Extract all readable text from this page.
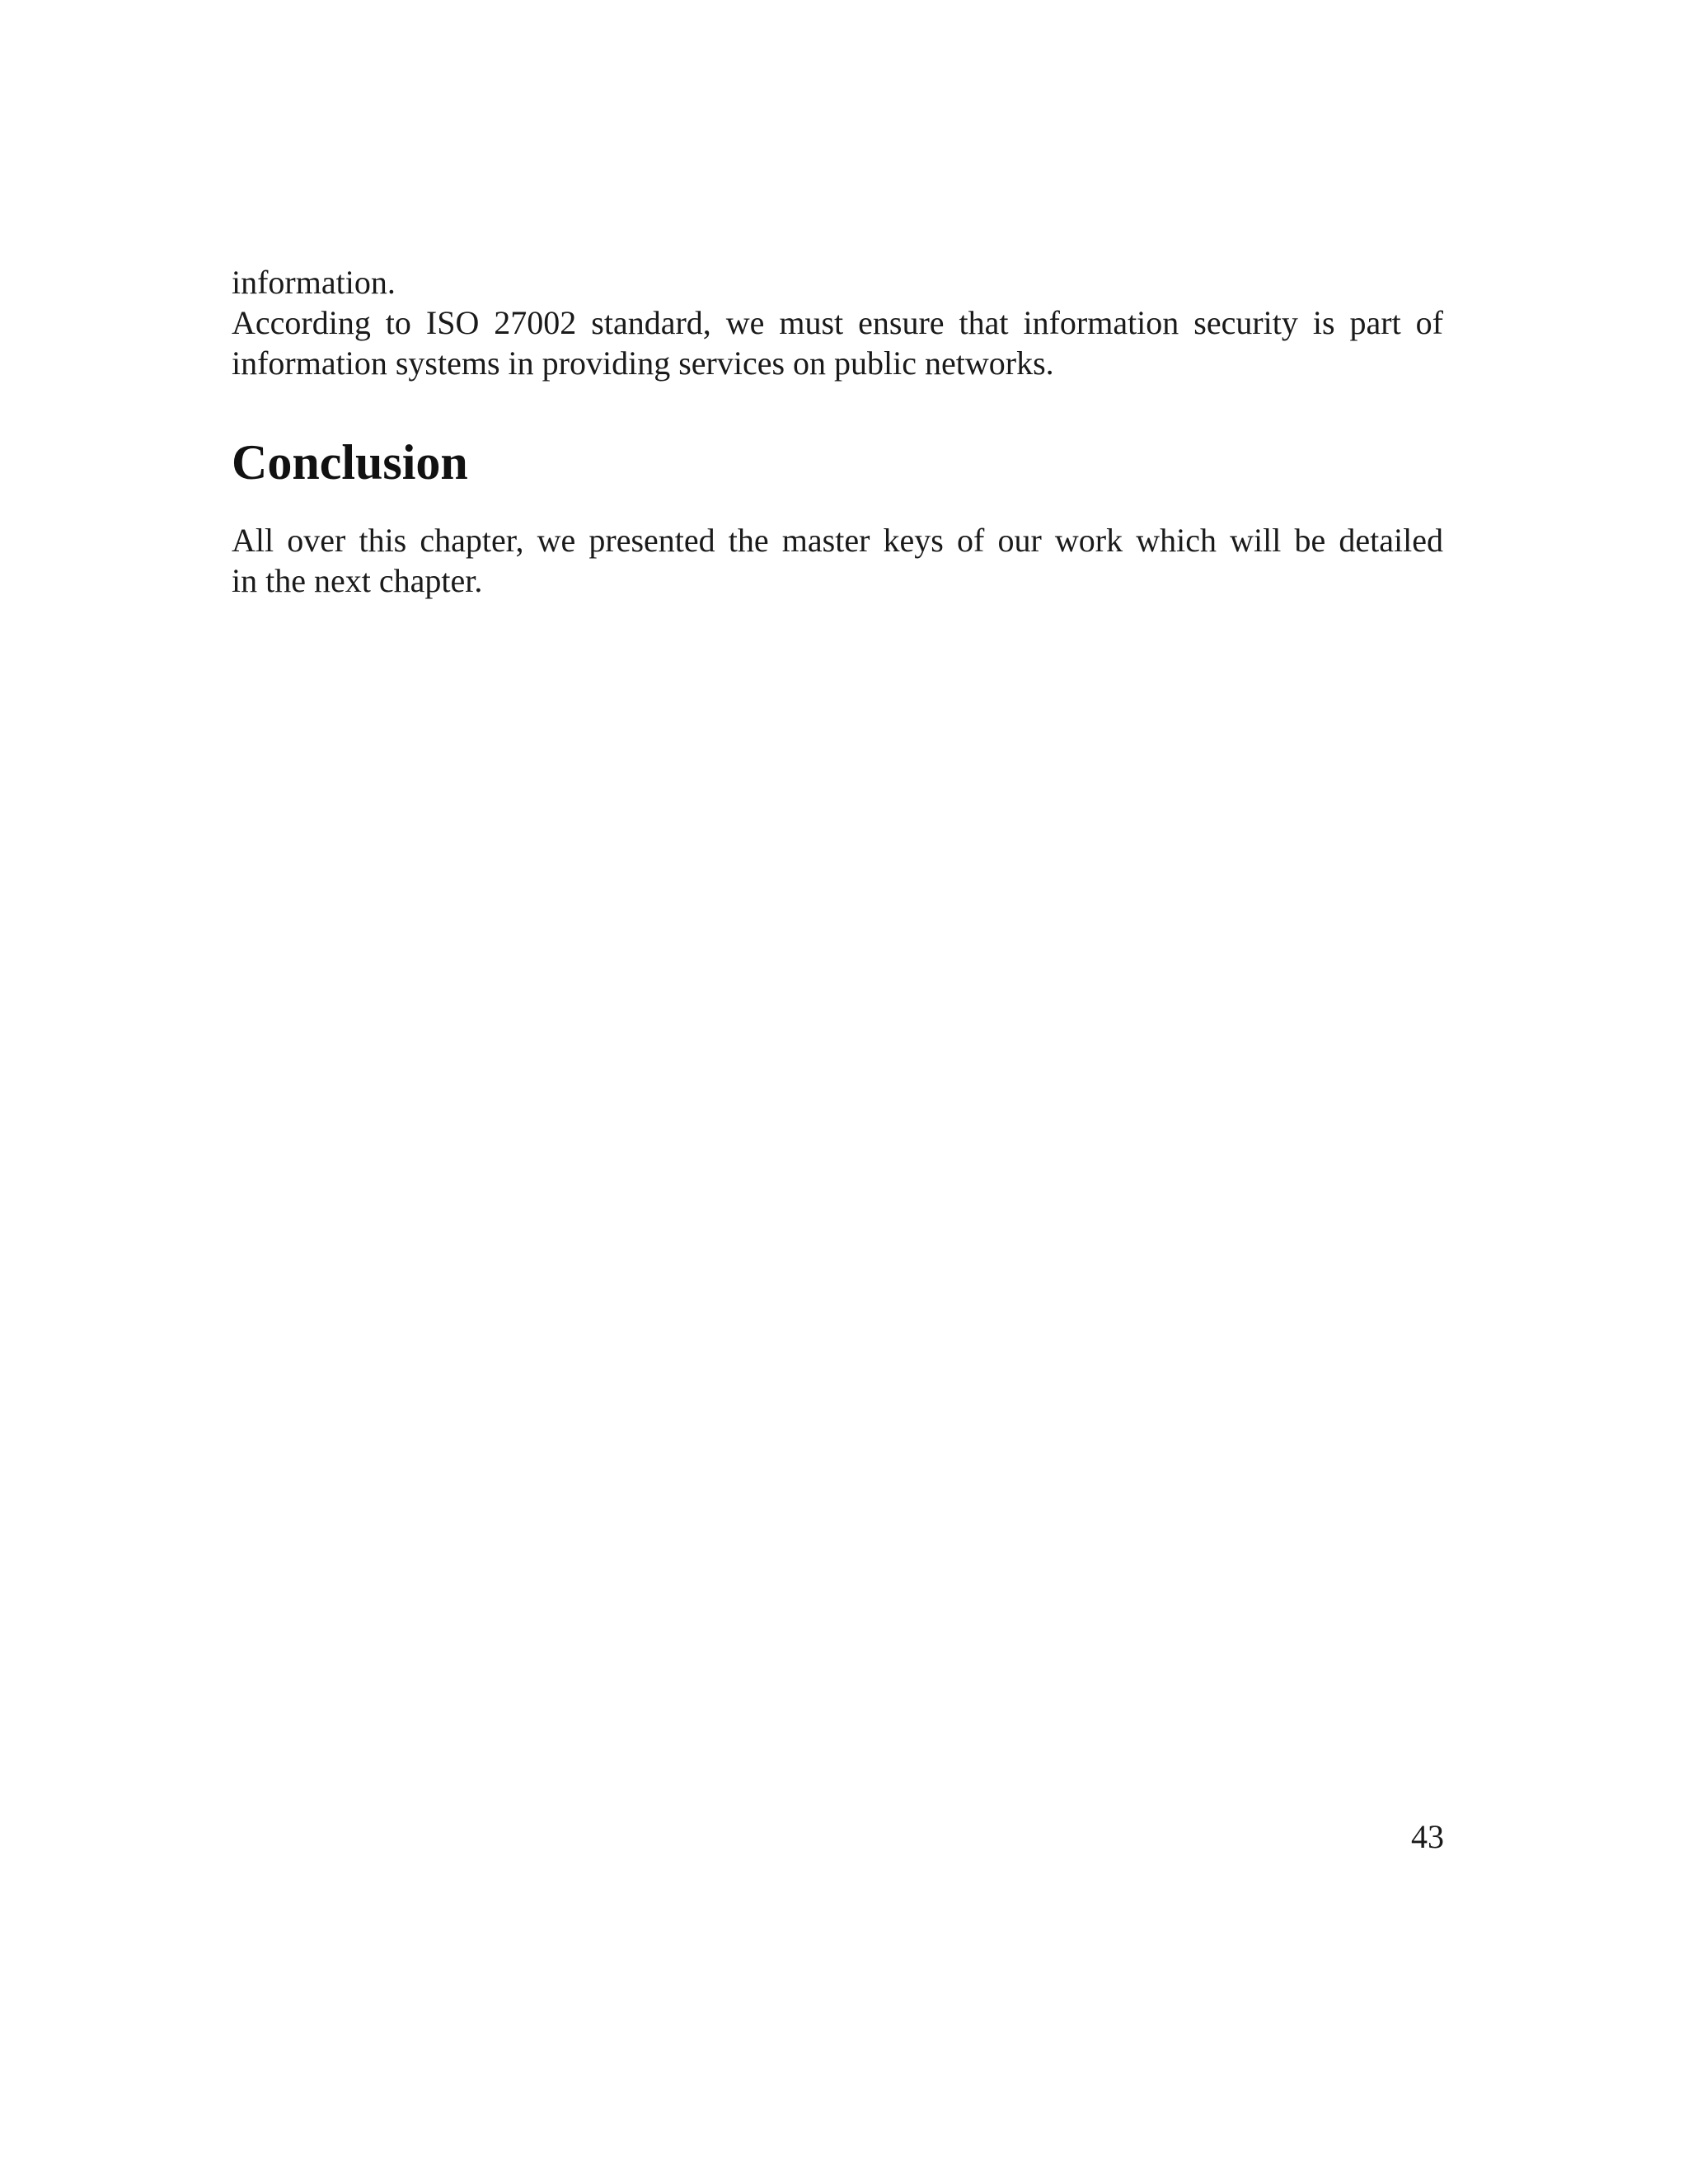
information.
According to ISO 27002 standard, we must ensure that information security is part of
information systems in providing services on public networks.
Conclusion
All over this chapter, we presented the master keys of our work which will be detailed
in the next chapter.
43
